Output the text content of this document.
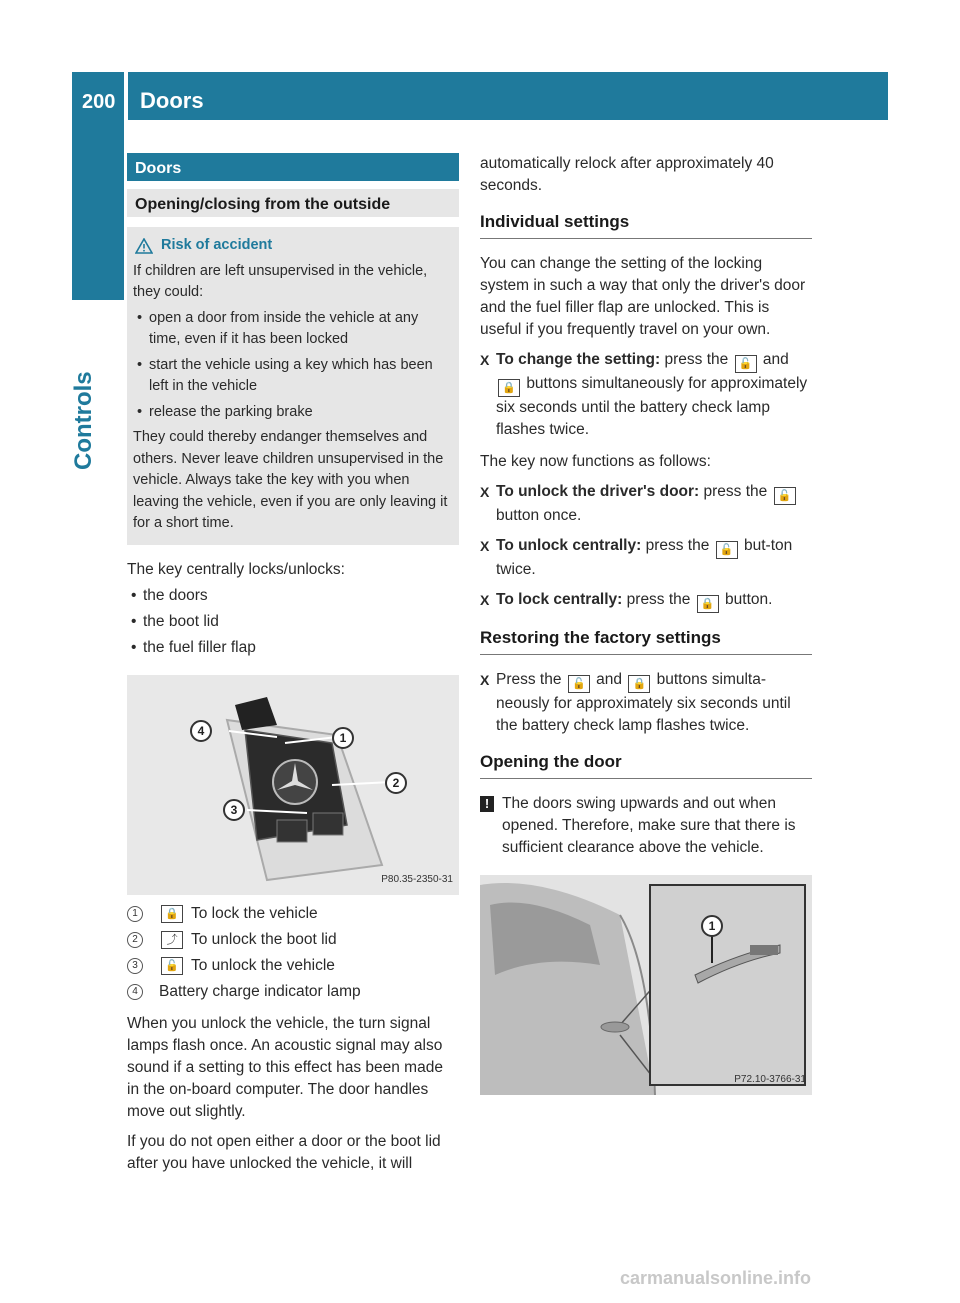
200 Doors
Controls
Doors
Opening/closing from the outside
Risk of accident
If children are left unsupervised in the vehicle, they could:
• open a door from inside the vehicle at any time, even if it has been locked
• start the vehicle using a key which has been left in the vehicle
• release the parking brake
They could thereby endanger themselves and others. Never leave children unsupervised in the vehicle. Always take the key with you when leaving the vehicle, even if you are only leaving it for a short time.

The key centrally locks/unlocks:

• the doors
• the boot lid
• the fuel filler flap
4	1
2
3
P80.35-2350-31
1	🔒 To lock the vehicle
2	⤴ To unlock the boot lid
3	🔓 To unlock the vehicle
4	Battery charge indicator lamp

When you unlock the vehicle, the turn signal lamps flash once. An acoustic signal may also sound if a setting to this effect has been made in the on-board computer. The door handles move out slightly.

If you do not open either a door or the boot lid after you have unlocked the vehicle, it will

automatically relock after approximately 40 seconds.

Individual settings

You can change the setting of the locking system in such a way that only the driver's door and the fuel filler flap are unlocked. This is useful if you frequently travel on your own.

X To change the setting: press the 🔓 and 🔒 buttons simultaneously for approximately six seconds until the battery check lamp flashes twice.

The key now functions as follows:

X To unlock the driver's door: press the 🔓 button once.
X To unlock centrally: press the 🔓 but-ton twice.
X To lock centrally: press the 🔒 button.
Restoring the factory settings
X Press the 🔓 and 🔒 buttons simulta-neously for approximately six seconds until the battery check lamp flashes twice.
Opening the door
! The doors swing upwards and out when opened. Therefore, make sure that there is sufficient clearance above the vehicle.
1
P72.10-3766-31
carmanualsonline.info
